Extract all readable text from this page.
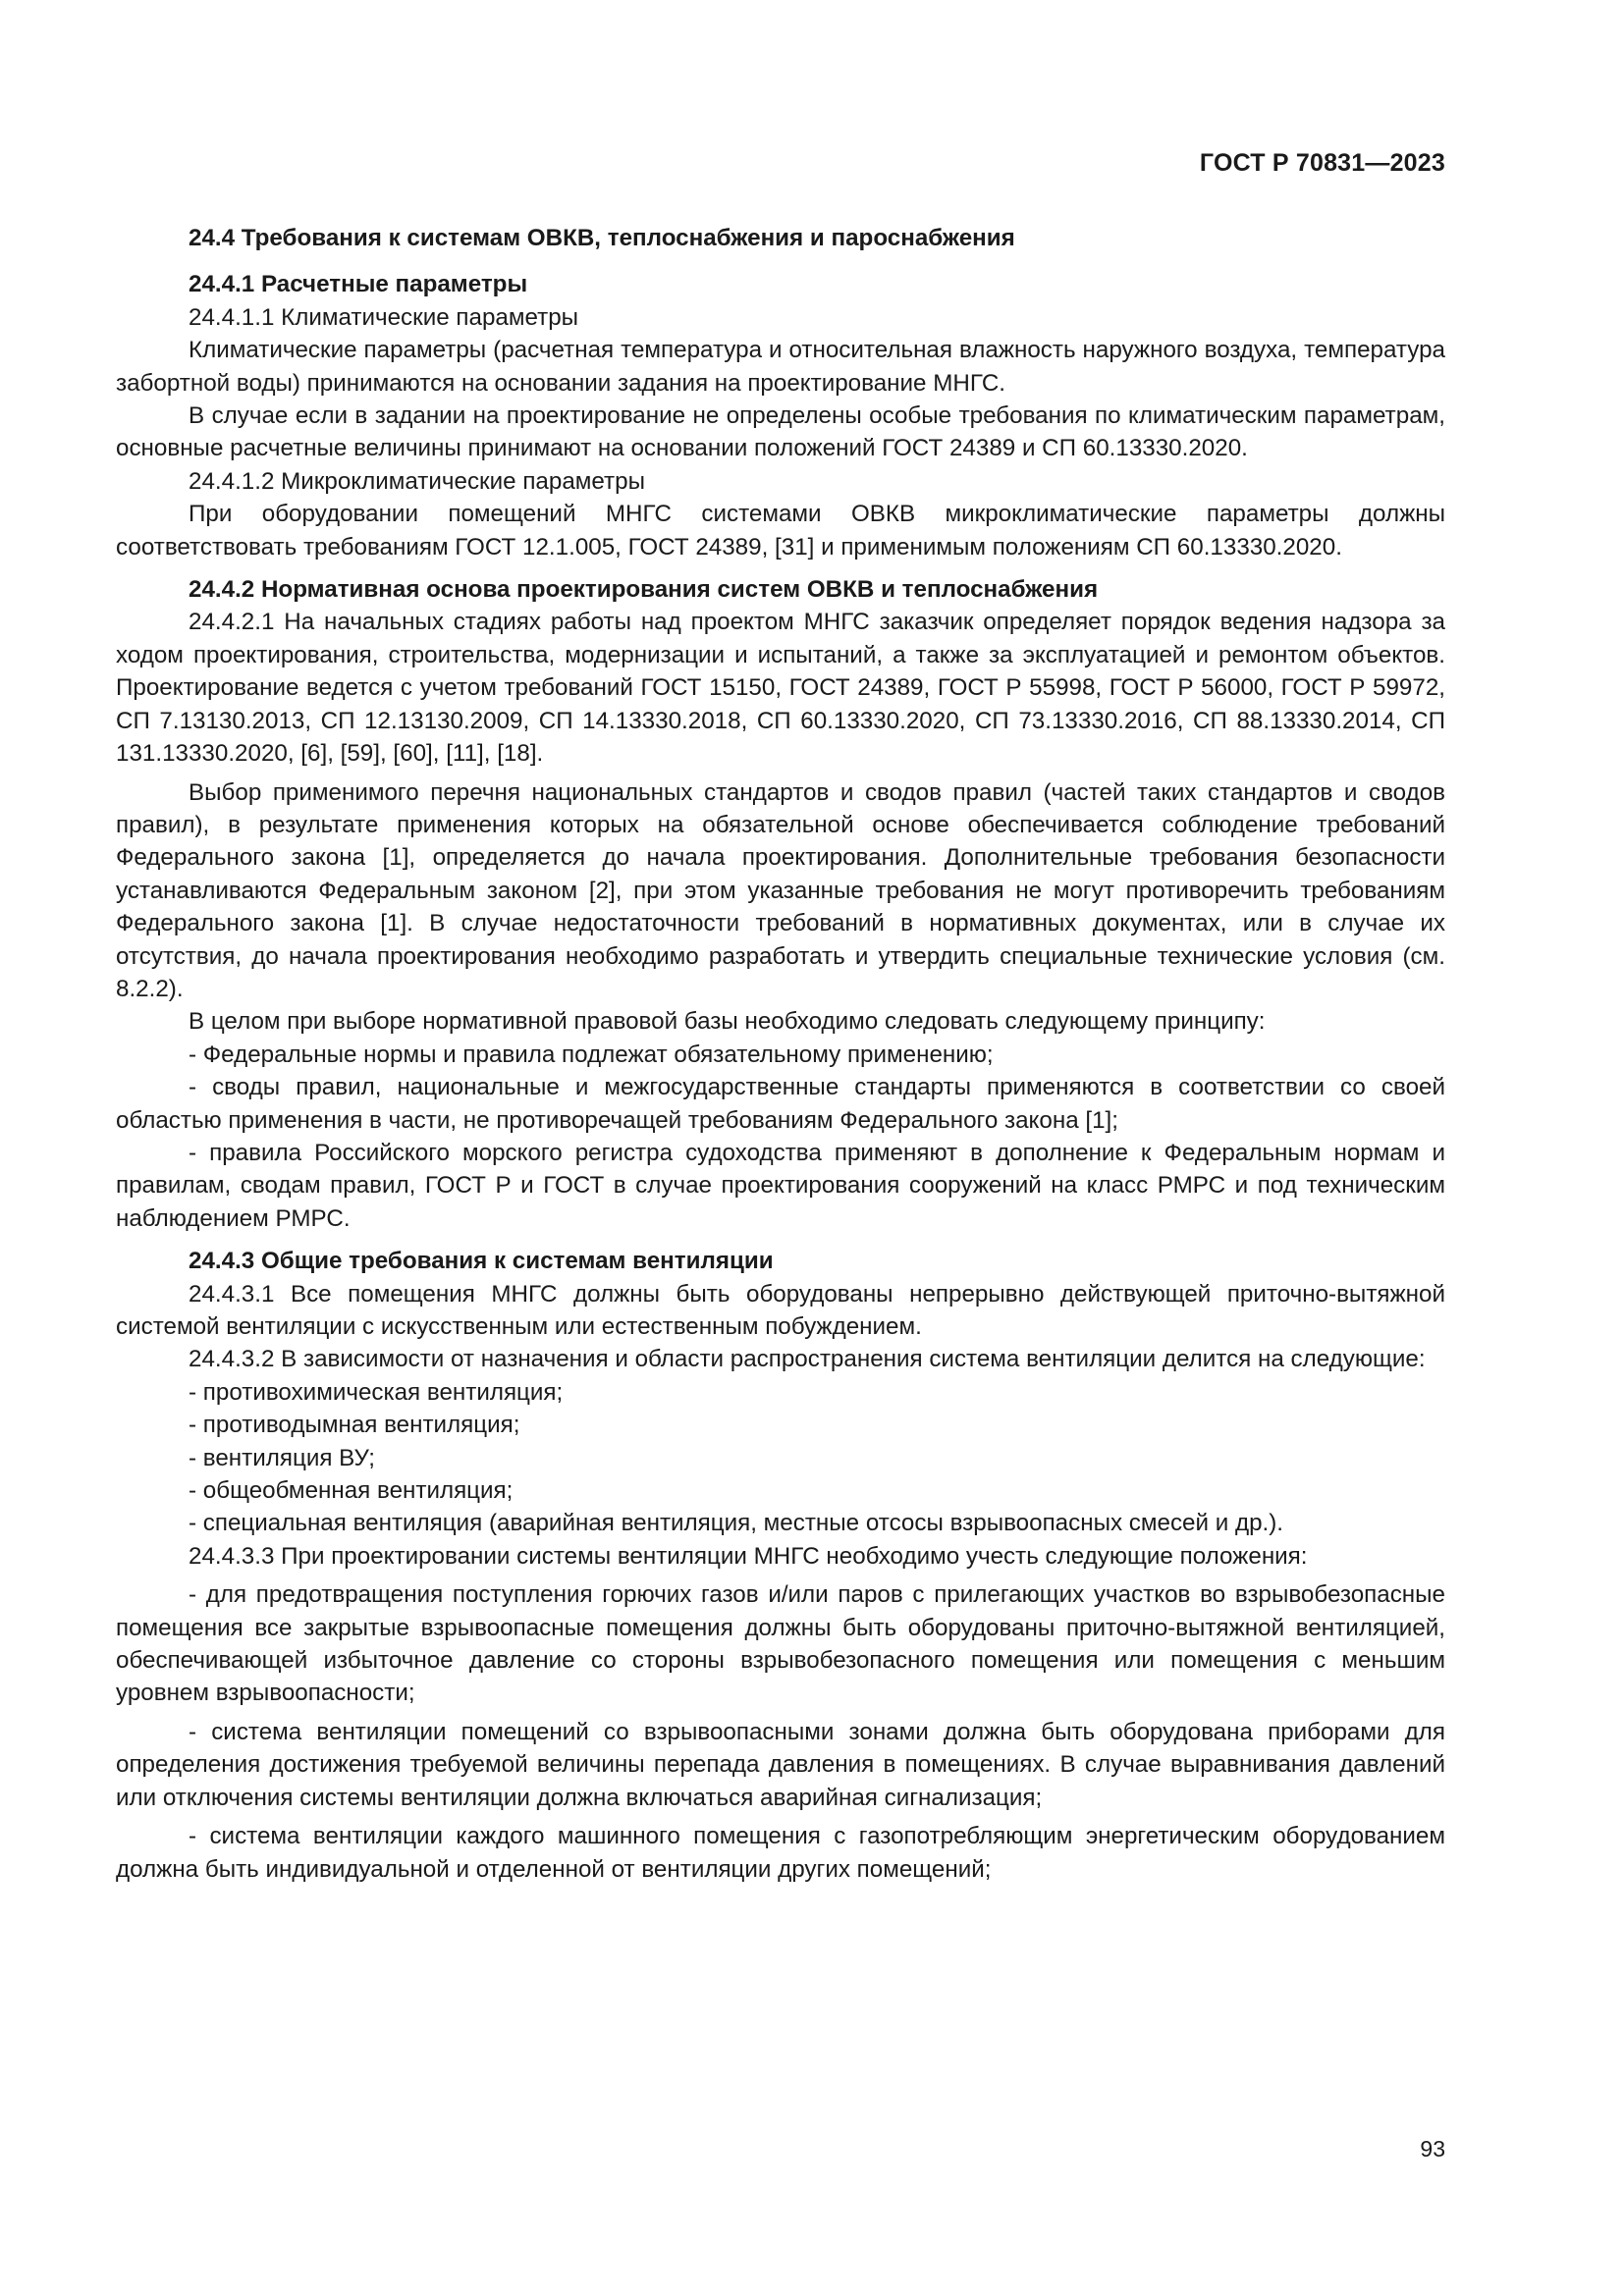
ГОСТ Р 70831—2023

24.4 Требования к системам ОВКВ, теплоснабжения и пароснабжения

24.4.1 Расчетные параметры

24.4.1.1 Климатические параметры

Климатические параметры (расчетная температура и относительная влажность наружного воздуха, температура забортной воды) принимаются на основании задания на проектирование МНГС.

В случае если в задании на проектирование не определены особые требования по климатическим параметрам, основные расчетные величины принимают на основании положений ГОСТ 24389 и СП 60.13330.2020.

24.4.1.2 Микроклиматические параметры

При оборудовании помещений МНГС системами ОВКВ микроклиматические параметры должны соответствовать требованиям ГОСТ 12.1.005, ГОСТ 24389, [31] и применимым положениям СП 60.13330.2020.

24.4.2 Нормативная основа проектирования систем ОВКВ и теплоснабжения

24.4.2.1 На начальных стадиях работы над проектом МНГС заказчик определяет порядок ведения надзора за ходом проектирования, строительства, модернизации и испытаний, а также за эксплуатацией и ремонтом объектов. Проектирование ведется с учетом требований ГОСТ 15150, ГОСТ 24389, ГОСТ Р 55998, ГОСТ Р 56000, ГОСТ Р 59972, СП 7.13130.2013, СП 12.13130.2009, СП 14.13330.2018, СП 60.13330.2020, СП 73.13330.2016, СП 88.13330.2014, СП 131.13330.2020, [6], [59], [60], [11], [18].

Выбор применимого перечня национальных стандартов и сводов правил (частей таких стандартов и сводов правил), в результате применения которых на обязательной основе обеспечивается соблюдение требований Федерального закона [1], определяется до начала проектирования. Дополнительные требования безопасности устанавливаются Федеральным законом [2], при этом указанные требования не могут противоречить требованиям Федерального закона [1]. В случае недостаточности требований в нормативных документах, или в случае их отсутствия, до начала проектирования необходимо разработать и утвердить специальные технические условия (см. 8.2.2).

В целом при выборе нормативной правовой базы необходимо следовать следующему принципу:

- Федеральные нормы и правила подлежат обязательному применению;

- своды правил, национальные и межгосударственные стандарты применяются в соответствии со своей областью применения в части, не противоречащей требованиям Федерального закона [1];

- правила Российского морского регистра судоходства применяют в дополнение к Федеральным нормам и правилам, сводам правил, ГОСТ Р и ГОСТ в случае проектирования сооружений на класс РМРС и под техническим наблюдением РМРС.

24.4.3 Общие требования к системам вентиляции

24.4.3.1 Все помещения МНГС должны быть оборудованы непрерывно действующей приточно-вытяжной системой вентиляции с искусственным или естественным побуждением.

24.4.3.2 В зависимости от назначения и области распространения система вентиляции делится на следующие:

- противохимическая вентиляция;

- противодымная вентиляция;

- вентиляция ВУ;

- общеобменная вентиляция;

- специальная вентиляция (аварийная вентиляция, местные отсосы взрывоопасных смесей и др.).

24.4.3.3 При проектировании системы вентиляции МНГС необходимо учесть следующие положения:

- для предотвращения поступления горючих газов и/или паров с прилегающих участков во взрывобезопасные помещения все закрытые взрывоопасные помещения должны быть оборудованы приточно-вытяжной вентиляцией, обеспечивающей избыточное давление со стороны взрывобезопасного помещения или помещения с меньшим уровнем взрывоопасности;

- система вентиляции помещений со взрывоопасными зонами должна быть оборудована приборами для определения достижения требуемой величины перепада давления в помещениях. В случае выравнивания давлений или отключения системы вентиляции должна включаться аварийная сигнализация;

- система вентиляции каждого машинного помещения с газопотребляющим энергетическим оборудованием должна быть индивидуальной и отделенной от вентиляции других помещений;

93
